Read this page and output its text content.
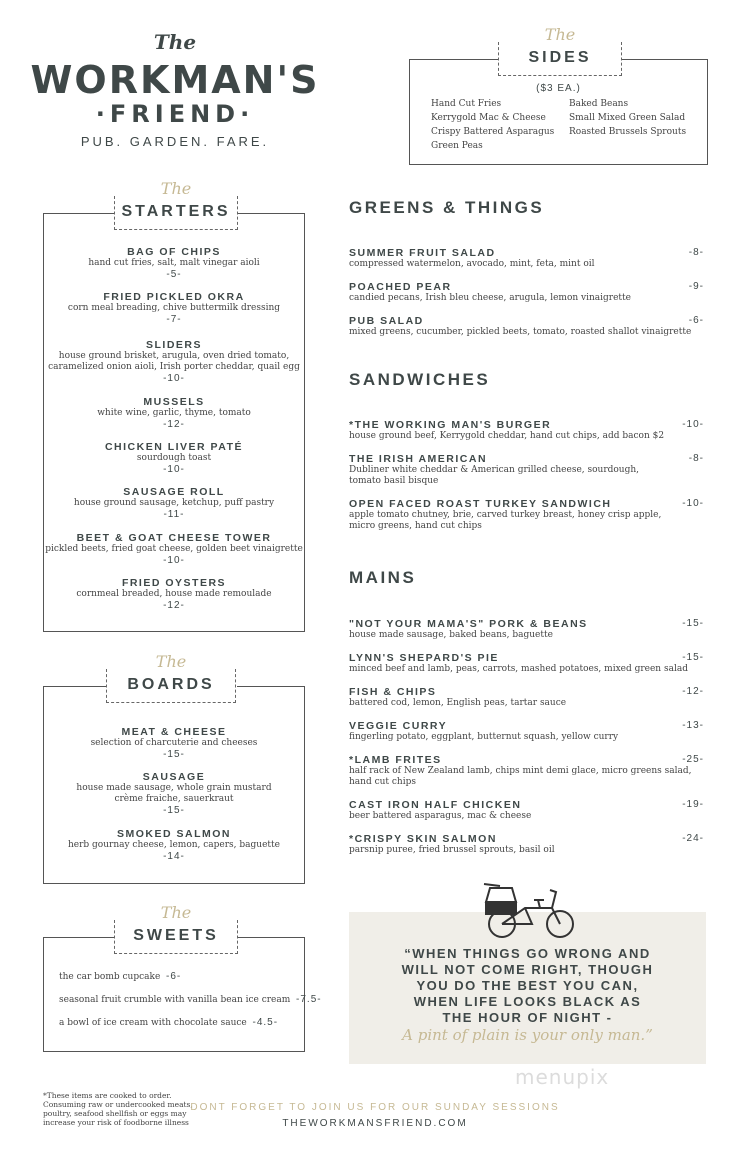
The
WORKMAN'S
·FRIEND·
PUB. GARDEN. FARE.
The
SIDES
($3 EA.)
Hand Cut Fries
Kerrygold Mac & Cheese
Crispy Battered Asparagus
Green Peas
Baked Beans
Small Mixed Green Salad
Roasted Brussels Sprouts
The
STARTERS
BAG OF CHIPS
hand cut fries, salt, malt vinegar aioli
-5-
FRIED PICKLED OKRA
corn meal breading, chive buttermilk dressing
-7-
SLIDERS
house ground brisket, arugula, oven dried tomato,
caramelized onion aioli, Irish porter cheddar, quail egg
-10-
MUSSELS
white wine, garlic, thyme, tomato
-12-
CHICKEN LIVER PATÉ
sourdough toast
-10-
SAUSAGE ROLL
house ground sausage, ketchup, puff pastry
-11-
BEET & GOAT CHEESE TOWER
pickled beets, fried goat cheese, golden beet vinaigrette
-10-
FRIED OYSTERS
cornmeal breaded, house made remoulade
-12-
The
BOARDS
MEAT & CHEESE
selection of charcuterie and cheeses
-15-
SAUSAGE
house made sausage, whole grain mustard
crème fraiche, sauerkraut
-15-
SMOKED SALMON
herb gournay cheese, lemon, capers, baguette
-14-
The
SWEETS
the car bomb cupcake -6-
seasonal fruit crumble with vanilla bean ice cream -7.5-
a bowl of ice cream with chocolate sauce -4.5-
GREENS & THINGS
SUMMER FRUIT SALAD
compressed watermelon, avocado, mint, feta, mint oil
-8-
POACHED PEAR
candied pecans, Irish bleu cheese, arugula, lemon vinaigrette
-9-
PUB SALAD
mixed greens, cucumber, pickled beets, tomato, roasted shallot vinaigrette
-6-
SANDWICHES
*THE WORKING MAN'S BURGER
house ground beef, Kerrygold cheddar, hand cut chips, add bacon $2
-10-
THE IRISH AMERICAN
Dubliner white cheddar & American grilled cheese, sourdough,
tomato basil bisque
-8-
OPEN FACED ROAST TURKEY SANDWICH
apple tomato chutney, brie, carved turkey breast, honey crisp apple,
micro greens, hand cut chips
-10-
MAINS
"NOT YOUR MAMA'S" PORK & BEANS
house made sausage, baked beans, baguette
-15-
LYNN'S SHEPARD'S PIE
minced beef and lamb, peas, carrots, mashed potatoes, mixed green salad
-15-
FISH & CHIPS
battered cod, lemon, English peas, tartar sauce
-12-
VEGGIE CURRY
fingerling potato, eggplant, butternut squash, yellow curry
-13-
*LAMB FRITES
half rack of New Zealand lamb, chips mint demi glace, micro greens salad,
hand cut chips
-25-
CAST IRON HALF CHICKEN
beer battered asparagus, mac & cheese
-19-
*CRISPY SKIN SALMON
parsnip puree, fried brussel sprouts, basil oil
-24-
“WHEN THINGS GO WRONG AND
WILL NOT COME RIGHT, THOUGH
YOU DO THE BEST YOU CAN,
WHEN LIFE LOOKS BLACK AS
THE HOUR OF NIGHT -
A pint of plain is your only man.”
*These items are cooked to order. Consuming raw or undercooked meats, poultry, seafood shellfish or eggs may increase your risk of foodborne illness
DONT FORGET TO JOIN US FOR OUR SUNDAY SESSIONS
THEWORKMANSFRIEND.COM
menupix
